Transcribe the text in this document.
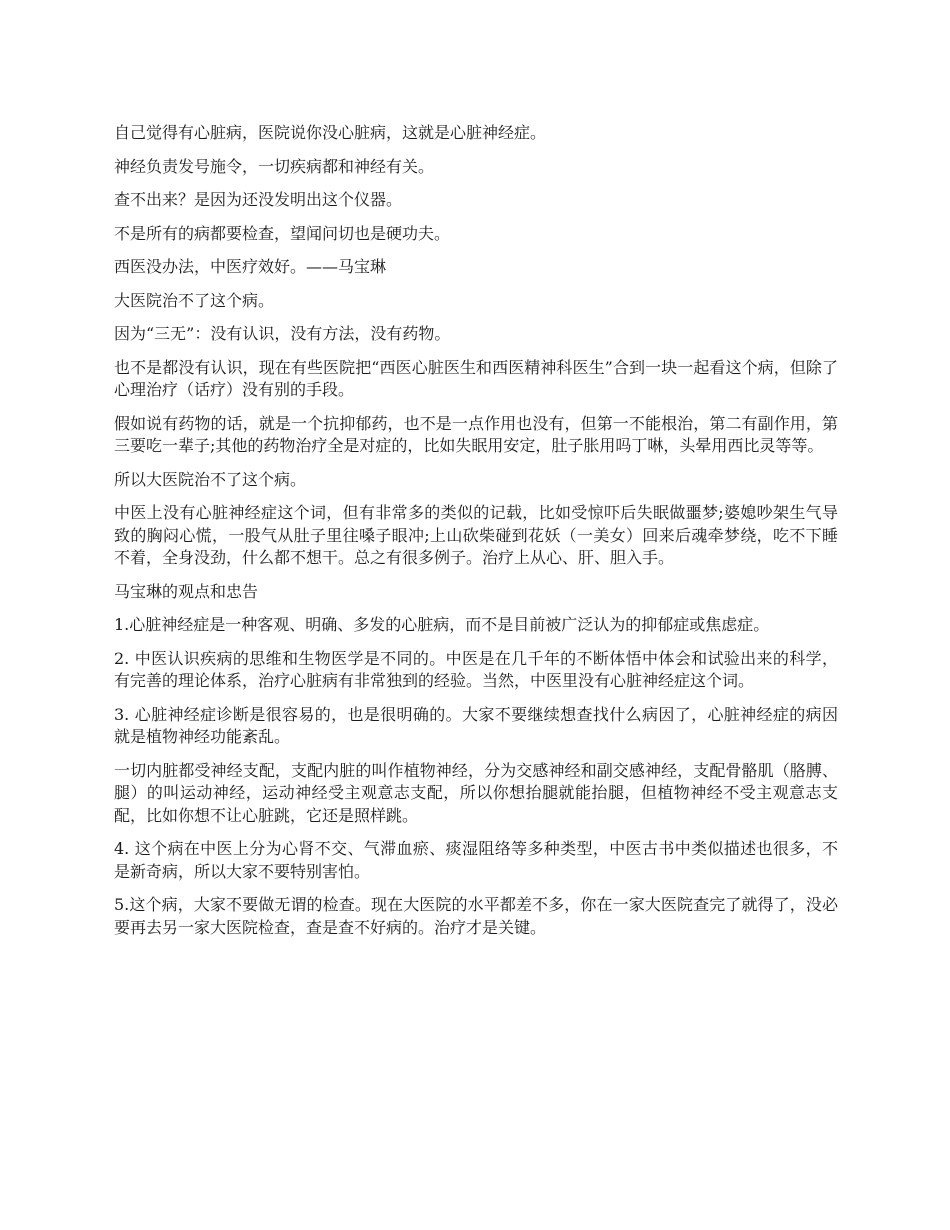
自己觉得有心脏病，医院说你没心脏病，这就是心脏神经症。

神经负责发号施令，一切疾病都和神经有关。

查不出来？是因为还没发明出这个仪器。

不是所有的病都要检查，望闻问切也是硬功夫。

西医没办法，中医疗效好。——马宝琳

大医院治不了这个病。

因为“三无”：没有认识，没有方法，没有药物。

也不是都没有认识，现在有些医院把“西医心脏医生和西医精神科医生”合到一块一起看这个病，但除了心理治疗（话疗）没有别的手段。

假如说有药物的话，就是一个抗抑郁药，也不是一点作用也没有，但第一不能根治，第二有副作用，第三要吃一辈子;其他的药物治疗全是对症的，比如失眠用安定，肚子胀用吗丁啉，头晕用西比灵等等。

所以大医院治不了这个病。

中医上没有心脏神经症这个词，但有非常多的类似的记载，比如受惊吓后失眠做噩梦;婆媳吵架生气导致的胸闷心慌，一股气从肚子里往嗓子眼冲;上山砍柴碰到花妖（一美女）回来后魂牵梦绕，吃不下睡不着，全身没劲，什么都不想干。总之有很多例子。治疗上从心、肝、胆入手。

马宝琳的观点和忠告

1.心脏神经症是一种客观、明确、多发的心脏病，而不是目前被广泛认为的抑郁症或焦虑症。

2. 中医认识疾病的思维和生物医学是不同的。中医是在几千年的不断体悟中体会和试验出来的科学，有完善的理论体系，治疗心脏病有非常独到的经验。当然，中医里没有心脏神经症这个词。

3. 心脏神经症诊断是很容易的，也是很明确的。大家不要继续想查找什么病因了，心脏神经症的病因就是植物神经功能紊乱。

一切内脏都受神经支配，支配内脏的叫作植物神经，分为交感神经和副交感神经，支配骨骼肌（胳膊、腿）的叫运动神经，运动神经受主观意志支配，所以你想抬腿就能抬腿，但植物神经不受主观意志支配，比如你想不让心脏跳，它还是照样跳。

4. 这个病在中医上分为心肾不交、气滞血瘀、痰湿阻络等多种类型，中医古书中类似描述也很多，不是新奇病，所以大家不要特别害怕。

5.这个病，大家不要做无谓的检查。现在大医院的水平都差不多，你在一家大医院查完了就得了，没必要再去另一家大医院检查，查是查不好病的。治疗才是关键。
